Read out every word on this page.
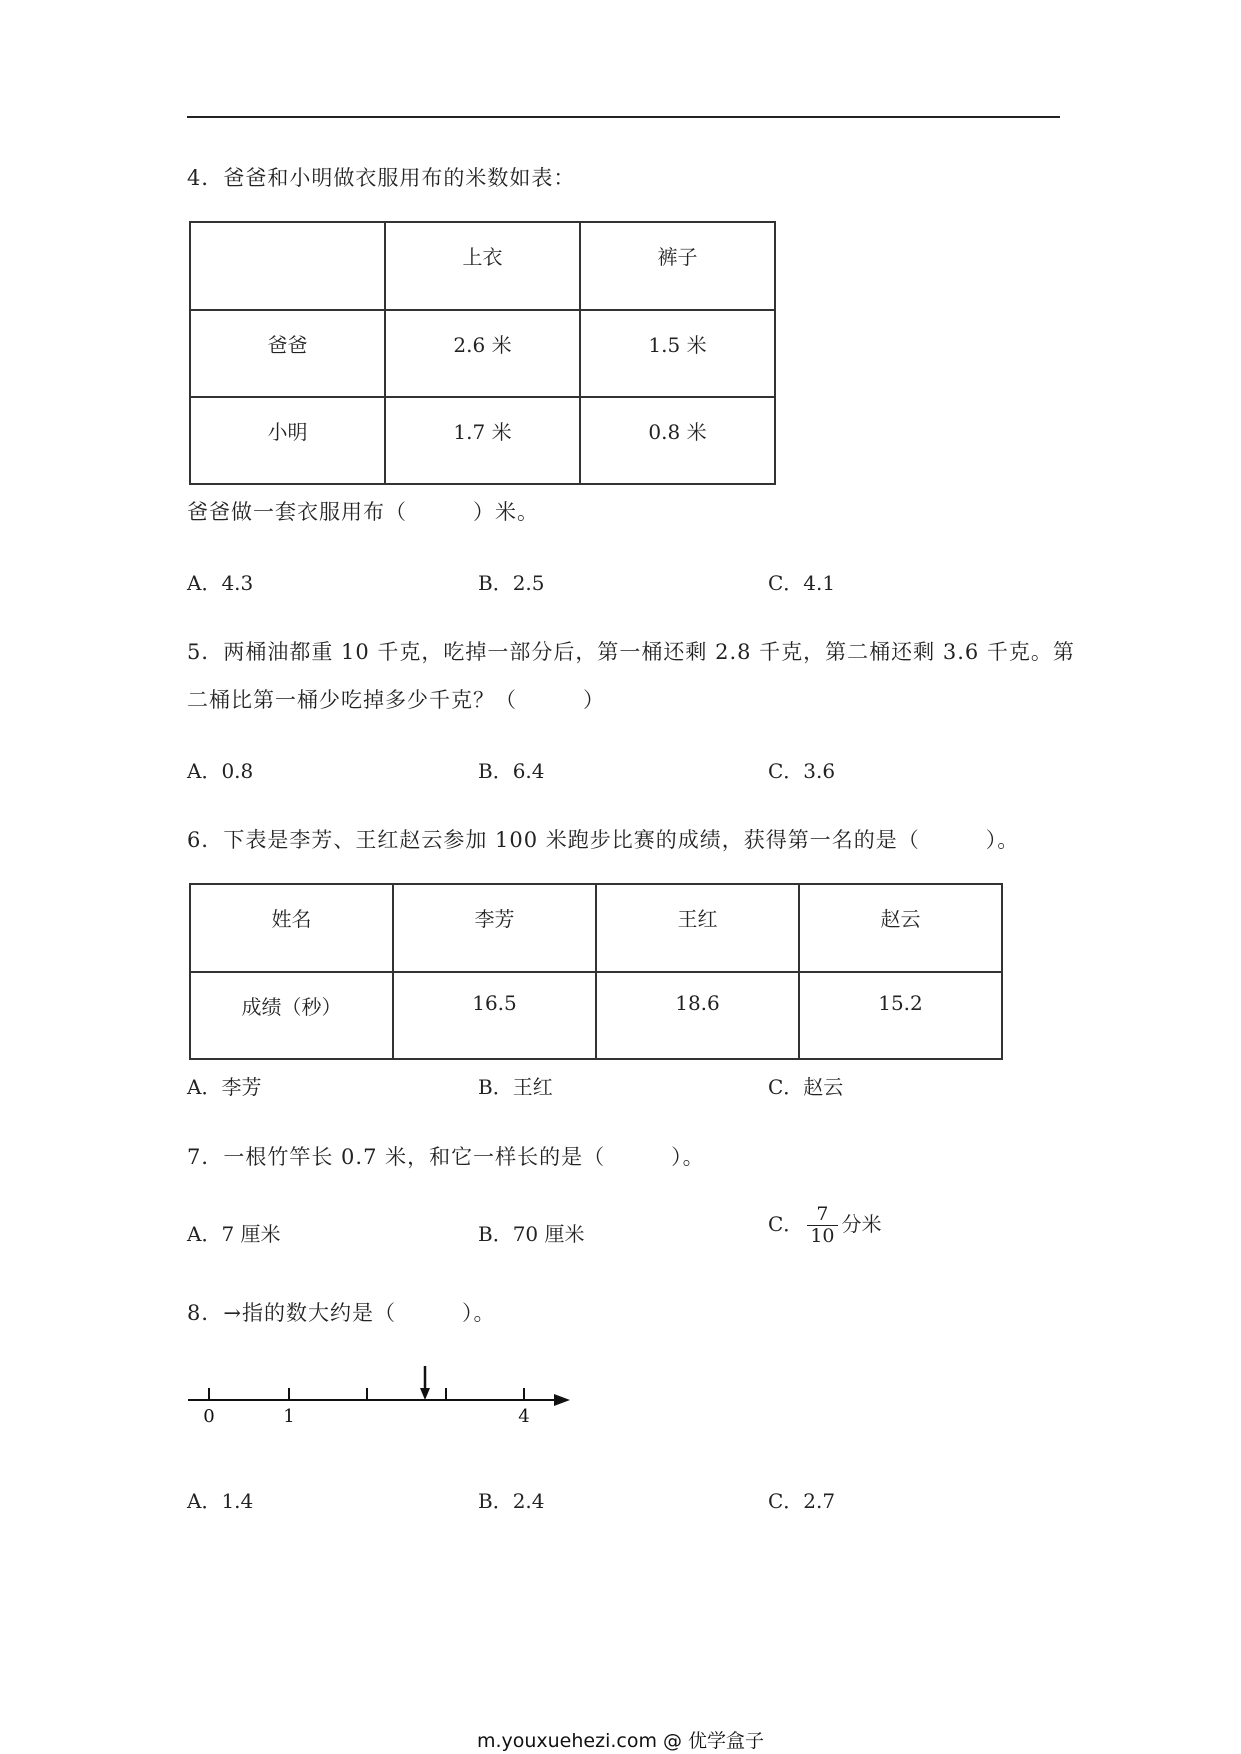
4．爸爸和小明做衣服用布的米数如表：
	上衣	裤子
爸爸	2.6 米	1.5 米
小明	1.7 米	0.8 米
爸爸做一套衣服用布（　　　）米。
A．4.3	B．2.5	C．4.1
5．两桶油都重 10 千克，吃掉一部分后，第一桶还剩 2.8 千克，第二桶还剩 3.6 千克。第
二桶比第一桶少吃掉多少千克？（　　　）
A．0.8	B．6.4	C．3.6
6．下表是李芳、王红赵云参加 100 米跑步比赛的成绩，获得第一名的是（　　　）。
姓名	李芳	王红	赵云
成绩（秒）	16.5	18.6	15.2
A．李芳	B．王红	C．赵云
7．一根竹竿长 0.7 米，和它一样长的是（　　　）。
A．7 厘米	B．70 厘米	C． $\frac{7}{10}$ 分米
8．→指的数大约是（　　　）。
0	1	4
A．1.4	B．2.4	C．2.7
m.youxuehezi.com @ 优学盒子
